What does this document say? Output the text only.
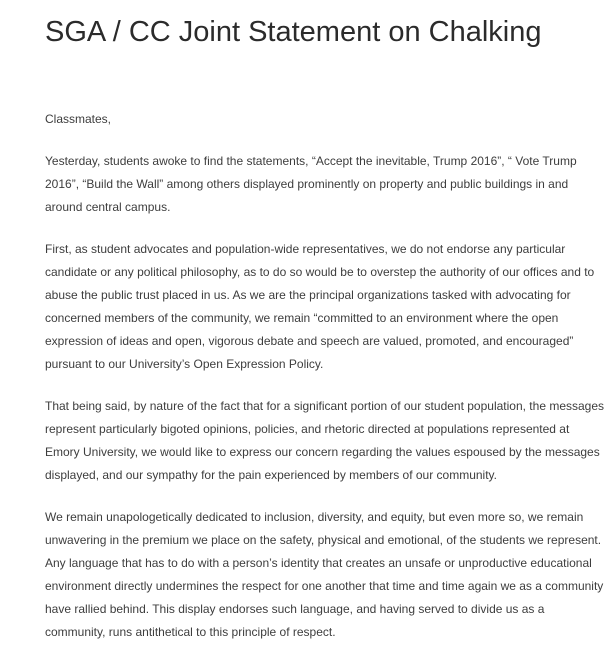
SGA / CC Joint Statement on Chalking

Classmates,

Yesterday, students awoke to find the statements, “Accept the inevitable, Trump 2016”, “ Vote Trump 2016”, “Build the Wall” among others displayed prominently on property and public buildings in and around central campus.

First, as student advocates and population-wide representatives, we do not endorse any particular candidate or any political philosophy, as to do so would be to overstep the authority of our offices and to abuse the public trust placed in us. As we are the principal organizations tasked with advocating for concerned members of the community, we remain “committed to an environment where the open expression of ideas and open, vigorous debate and speech are valued, promoted, and encouraged” pursuant to our University’s Open Expression Policy.

That being said, by nature of the fact that for a significant portion of our student population, the messages represent particularly bigoted opinions, policies, and rhetoric directed at populations represented at Emory University, we would like to express our concern regarding the values espoused by the messages displayed, and our sympathy for the pain experienced by members of our community.

We remain unapologetically dedicated to inclusion, diversity, and equity, but even more so, we remain unwavering in the premium we place on the safety, physical and emotional, of the students we represent. Any language that has to do with a person’s identity that creates an unsafe or unproductive educational environment directly undermines the respect for one another that time and time again we as a community have rallied behind. This display endorses such language, and having served to divide us as a community, runs antithetical to this principle of respect.
